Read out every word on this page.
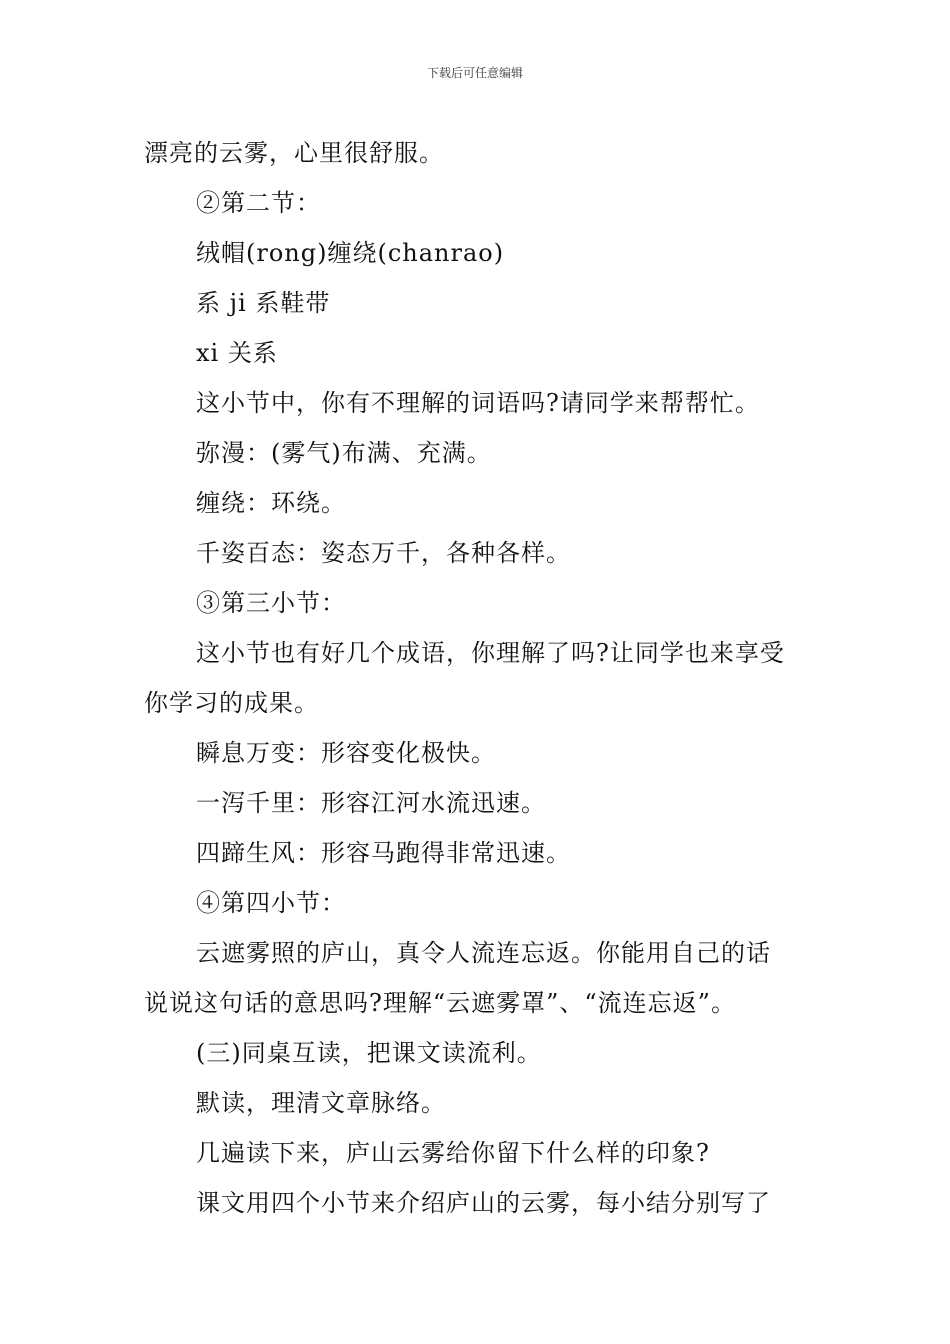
下载后可任意编辑
漂亮的云雾，心里很舒服。
②第二节：
绒帽(rong)缠绕(chanrao)
系 ji 系鞋带
xi 关系
这小节中，你有不理解的词语吗?请同学来帮帮忙。
弥漫：(雾气)布满、充满。
缠绕：环绕。
千姿百态：姿态万千，各种各样。
③第三小节：
这小节也有好几个成语，你理解了吗?让同学也来享受
你学习的成果。
瞬息万变：形容变化极快。
一泻千里：形容江河水流迅速。
四蹄生风：形容马跑得非常迅速。
④第四小节：
云遮雾照的庐山，真令人流连忘返。你能用自己的话
说说这句话的意思吗?理解“云遮雾罩”、“流连忘返”。
(三)同桌互读，把课文读流利。
默读，理清文章脉络。
几遍读下来，庐山云雾给你留下什么样的印象?
课文用四个小节来介绍庐山的云雾，每小结分别写了
